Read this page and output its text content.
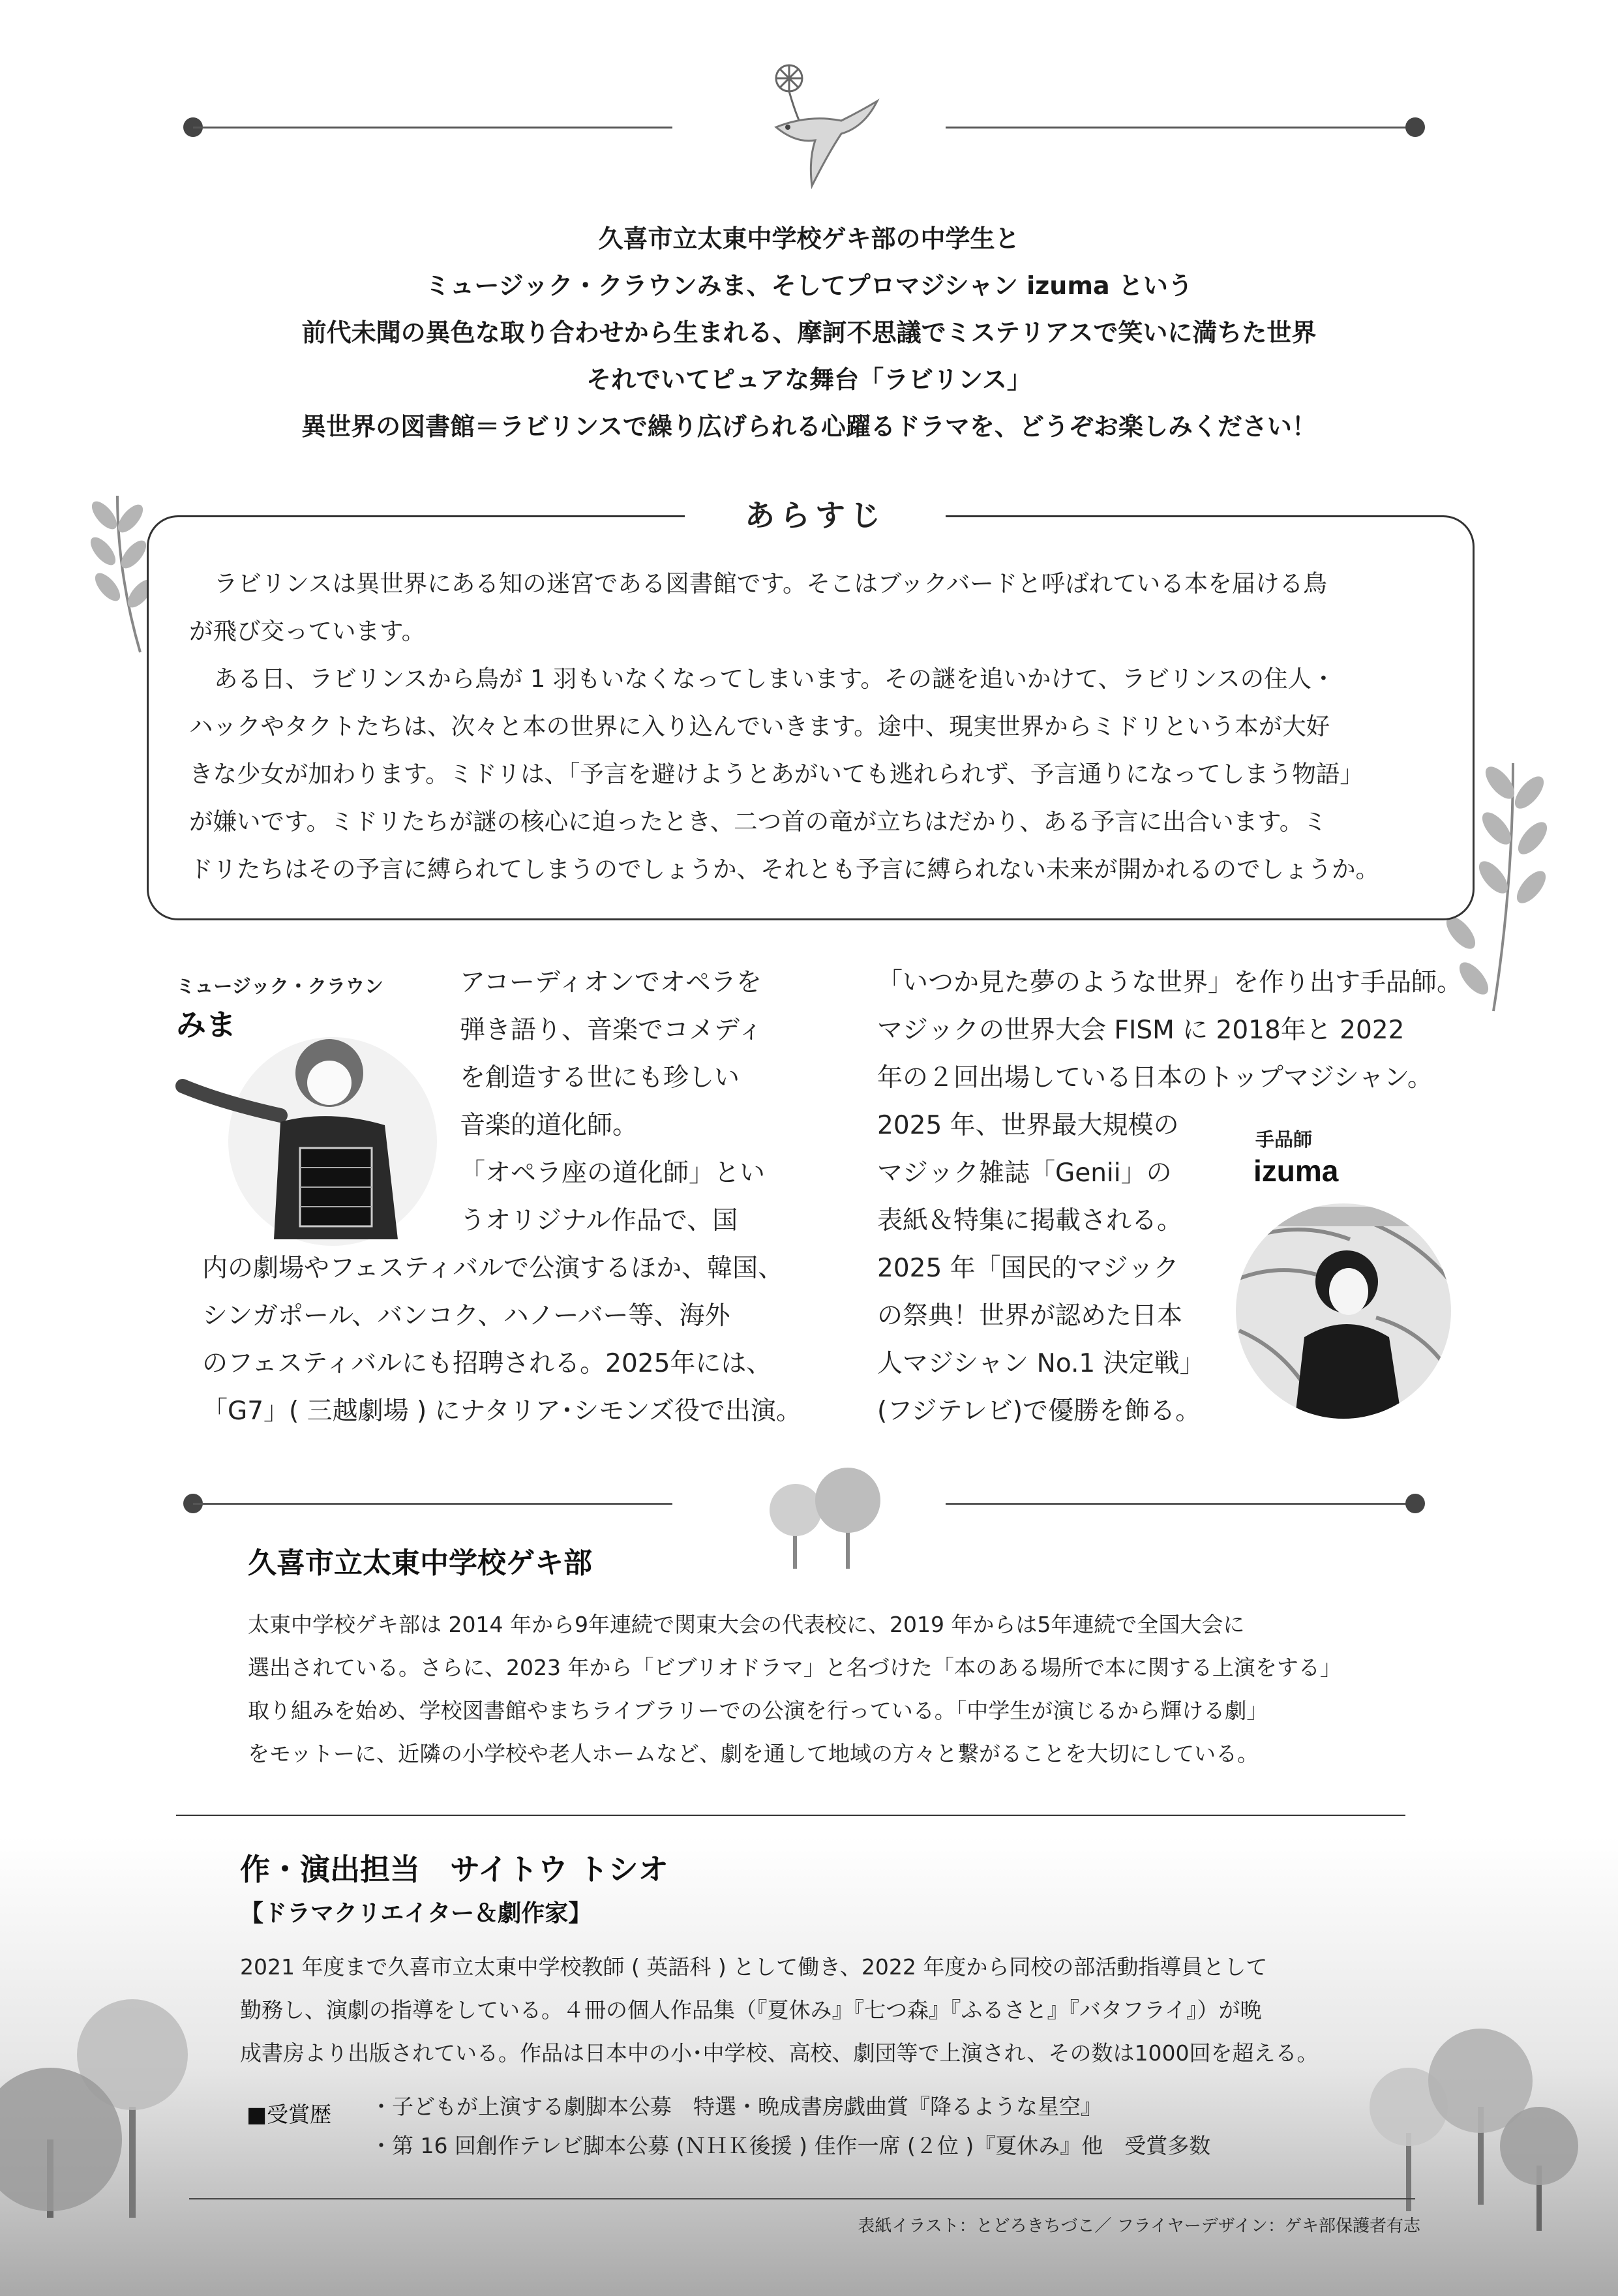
久喜市立太東中学校ゲキ部の中学生と
ミュージック・クラウンみま、そしてプロマジシャン izuma という
前代未聞の異色な取り合わせから生まれる、摩訶不思議でミステリアスで笑いに満ちた世界
それでいてピュアな舞台「ラビリンス」
異世界の図書館＝ラビリンスで繰り広げられる心躍るドラマを、どうぞお楽しみください！
あらすじ

ラビリンスは異世界にある知の迷宮である図書館です。そこはブックバードと呼ばれている本を届ける鳥

が飛び交っています。

ある日、ラビリンスから鳥が 1 羽もいなくなってしまいます。その謎を追いかけて、ラビリンスの住人・

ハックやタクトたちは、次々と本の世界に入り込んでいきます。途中、現実世界からミドリという本が大好

きな少女が加わります。ミドリは、「予言を避けようとあがいても逃れられず、予言通りになってしまう物語」

が嫌いです。ミドリたちが謎の核心に迫ったとき、二つ首の竜が立ちはだかり、ある予言に出合います。ミ

ドリたちはその予言に縛られてしまうのでしょうか、それとも予言に縛られない未来が開かれるのでしょうか。

ミュージック・クラウン
みま
アコーディオンでオペラを
弾き語り、音楽でコメディ
を創造する世にも珍しい
音楽的道化師。
「オペラ座の道化師」とい
うオリジナル作品で、国
内の劇場やフェスティバルで公演するほか、韓国、
シンガポール、バンコク、ハノーバー等、海外
のフェスティバルにも招聘される。2025年には、
「G7」( 三越劇場 ) にナタリア･シモンズ役で出演。
「いつか見た夢のような世界」を作り出す手品師。
マジックの世界大会 FISM に 2018年と 2022
年の２回出場している日本のトップマジシャン。
2025 年、世界最大規模の
マジック雑誌「Genii」の
表紙＆特集に掲載される。
2025 年「国民的マジック
の祭典！世界が認めた日本
人マジシャン No.1 決定戦」
(フジテレビ)で優勝を飾る。
手品師
izuma
久喜市立太東中学校ゲキ部
太東中学校ゲキ部は 2014 年から9年連続で関東大会の代表校に、2019 年からは5年連続で全国大会に
選出されている。さらに、2023 年から「ビブリオドラマ」と名づけた「本のある場所で本に関する上演をする」
取り組みを始め、学校図書館やまちライブラリーでの公演を行っている。「中学生が演じるから輝ける劇」
をモットーに、近隣の小学校や老人ホームなど、劇を通して地域の方々と繋がることを大切にしている。
作・演出担当　サイトウ トシオ
【ドラマクリエイター＆劇作家】
2021 年度まで久喜市立太東中学校教師 ( 英語科 ) として働き、2022 年度から同校の部活動指導員として
勤務し、演劇の指導をしている。４冊の個人作品集（『夏休み』『七つ森』『ふるさと』『バタフライ』）が晩
成書房より出版されている。作品は日本中の小･中学校、高校、劇団等で上演され、その数は1000回を超える。
■受賞歴 ・子どもが上演する劇脚本公募　特選・晩成書房戯曲賞『降るような星空』
・第 16 回創作テレビ脚本公募 (ＮＨＫ後援 ) 佳作一席 (２位 )『夏休み』他　受賞多数
表紙イラスト：とどろきちづこ／ フライヤーデザイン：ゲキ部保護者有志
